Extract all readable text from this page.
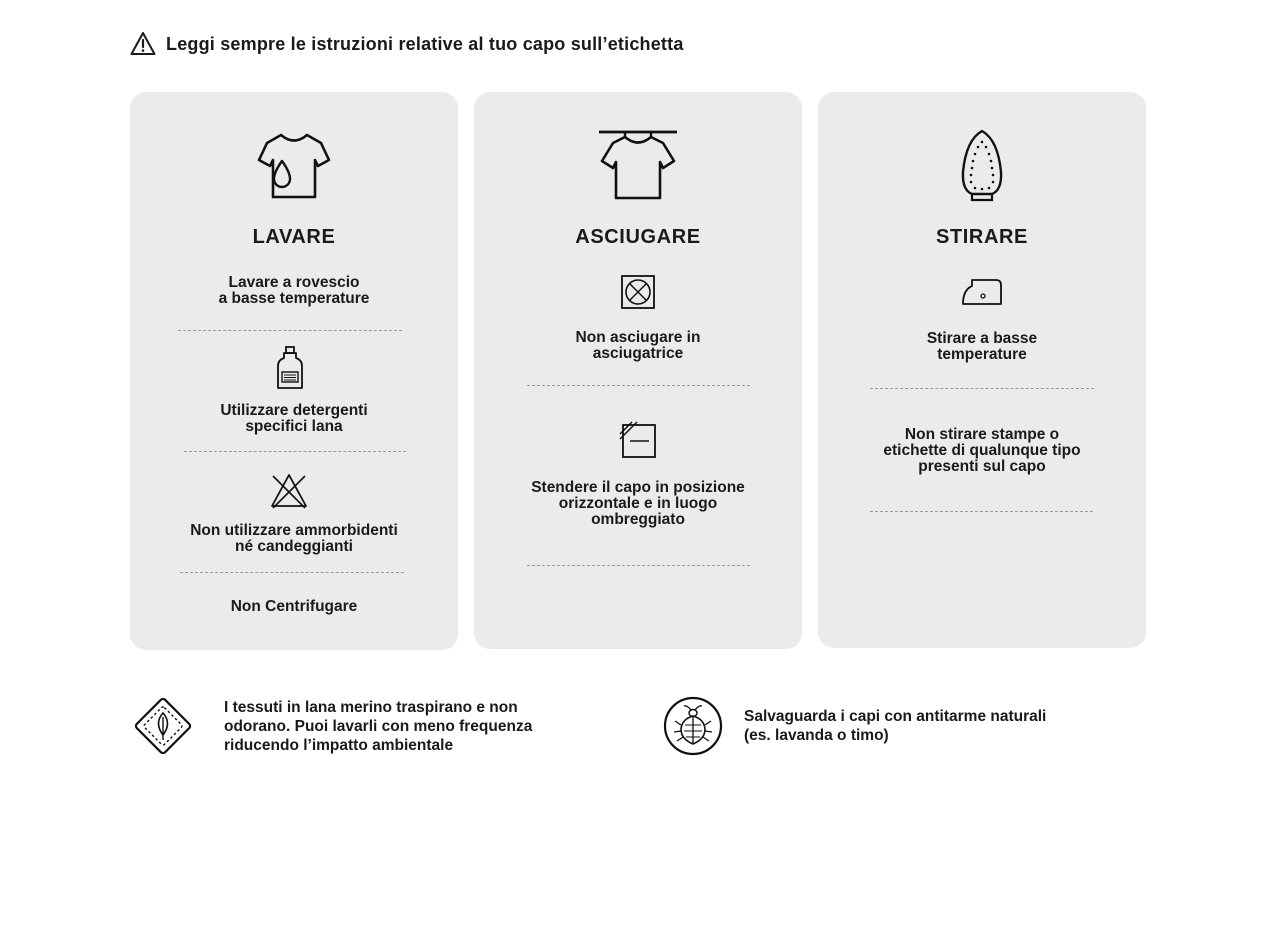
Leggi sempre le istruzioni relative al tuo capo sull’etichetta
LAVARE
Lavare a rovescio
a basse temperature
Utilizzare detergenti
specifici lana
Non utilizzare ammorbidenti
né candeggianti
Non Centrifugare
ASCIUGARE
Non asciugare in
asciugatrice
Stendere il capo in posizione
orizzontale e in luogo
ombreggiato
STIRARE
Stirare a basse
temperature
Non stirare stampe o
etichette di qualunque tipo
presenti sul capo
I tessuti in lana merino traspirano e non
odorano. Puoi lavarli con meno frequenza
riducendo l’impatto ambientale
Salvaguarda i capi con antitarme naturali
(es. lavanda o timo)
